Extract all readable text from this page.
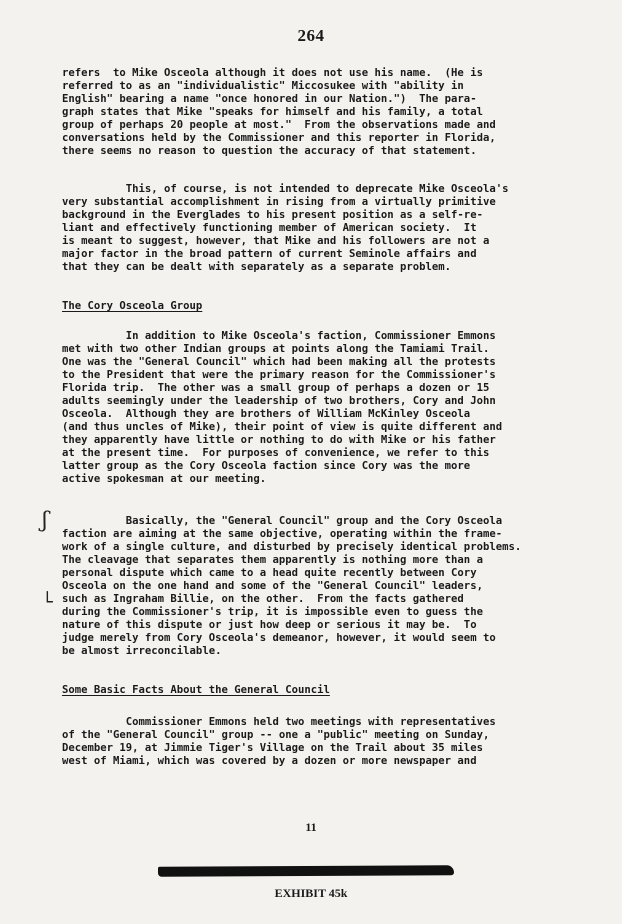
264
refers  to Mike Osceola although it does not use his name.  (He is
referred to as an "individualistic" Miccosukee with "ability in
English" bearing a name "once honored in our Nation.")  The para-
graph states that Mike "speaks for himself and his family, a total
group of perhaps 20 people at most."  From the observations made and
conversations held by the Commissioner and this reporter in Florida,
there seems no reason to question the accuracy of that statement.
This, of course, is not intended to deprecate Mike Osceola's
very substantial accomplishment in rising from a virtually primitive
background in the Everglades to his present position as a self-re-
liant and effectively functioning member of American society.  It
is meant to suggest, however, that Mike and his followers are not a
major factor in the broad pattern of current Seminole affairs and
that they can be dealt with separately as a separate problem.
The Cory Osceola Group
In addition to Mike Osceola's faction, Commissioner Emmons
met with two other Indian groups at points along the Tamiami Trail.
One was the "General Council" which had been making all the protests
to the President that were the primary reason for the Commissioner's
Florida trip.  The other was a small group of perhaps a dozen or 15
adults seemingly under the leadership of two brothers, Cory and John
Osceola.  Although they are brothers of William McKinley Osceola
(and thus uncles of Mike), their point of view is quite different and
they apparently have little or nothing to do with Mike or his father
at the present time.  For purposes of convenience, we refer to this
latter group as the Cory Osceola faction since Cory was the more
active spokesman at our meeting.
ʃ
└
Basically, the "General Council" group and the Cory Osceola
faction are aiming at the same objective, operating within the frame-
work of a single culture, and disturbed by precisely identical problems.
The cleavage that separates them apparently is nothing more than a
personal dispute which came to a head quite recently between Cory
Osceola on the one hand and some of the "General Council" leaders,
such as Ingraham Billie, on the other.  From the facts gathered
during the Commissioner's trip, it is impossible even to guess the
nature of this dispute or just how deep or serious it may be.  To
judge merely from Cory Osceola's demeanor, however, it would seem to
be almost irreconcilable.
Some Basic Facts About the General Council
Commissioner Emmons held two meetings with representatives
of the "General Council" group -- one a "public" meeting on Sunday,
December 19, at Jimmie Tiger's Village on the Trail about 35 miles
west of Miami, which was covered by a dozen or more newspaper and
11
EXHIBIT 45k
